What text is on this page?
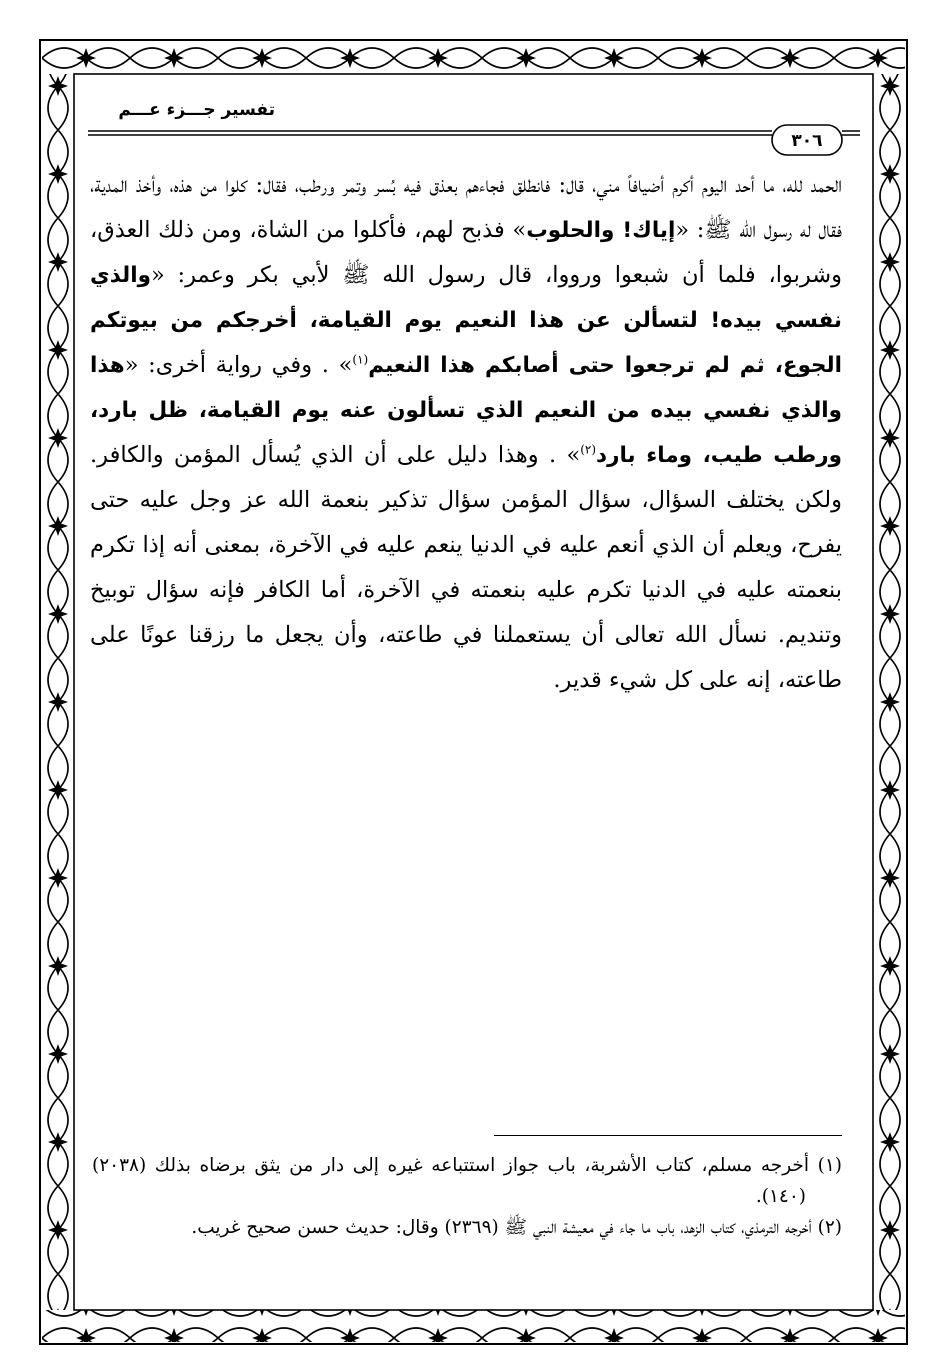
تفسير جـــزء عـــم
٣٠٦
الحمد لله، ما أحد اليوم أكرم أضيافاً مني، قال: فانطلق فجاءهم بعذق فيه بُسر وتمر ورطب، فقال: كلوا من هذه، وأخذ المدية، فقال له رسول الله ﷺ: «إياك! والحلوب» فذبح لهم، فأكلوا من الشاة، ومن ذلك العذق، وشربوا، فلما أن شبعوا ورووا، قال رسول الله ﷺ لأبي بكر وعمر: «والذي نفسي بيده! لتسألن عن هذا النعيم يوم القيامة، أخرجكم من بيوتكم الجوع، ثم لم ترجعوا حتى أصابكم هذا النعيم$^{(١)}$» . وفي رواية أخرى: «هذا والذي نفسي بيده من النعيم الذي تسألون عنه يوم القيامة، ظل بارد، ورطب طيب، وماء بارد$^{(٢)}$» . وهذا دليل على أن الذي يُسأل المؤمن والكافر. ولكن يختلف السؤال، سؤال المؤمن سؤال تذكير بنعمة الله عز وجل عليه حتى يفرح، ويعلم أن الذي أنعم عليه في الدنيا ينعم عليه في الآخرة، بمعنى أنه إذا تكرم بنعمته عليه في الدنيا تكرم عليه بنعمته في الآخرة، أما الكافر فإنه سؤال توبيخ وتنديم. نسأل الله تعالى أن يستعملنا في طاعته، وأن يجعل ما رزقنا عونًا على طاعته، إنه على كل شيء قدير.
(١) أخرجه مسلم، كتاب الأشربة، باب جواز استتباعه غيره إلى دار من يثق برضاه بذلك (٢٠٣٨) (١٤٠).
(٢) أخرجه الترمذي، كتاب الزهد، باب ما جاء في معيشة النبي ﷺ (٢٣٦٩) وقال: حديث حسن صحيح غريب.
